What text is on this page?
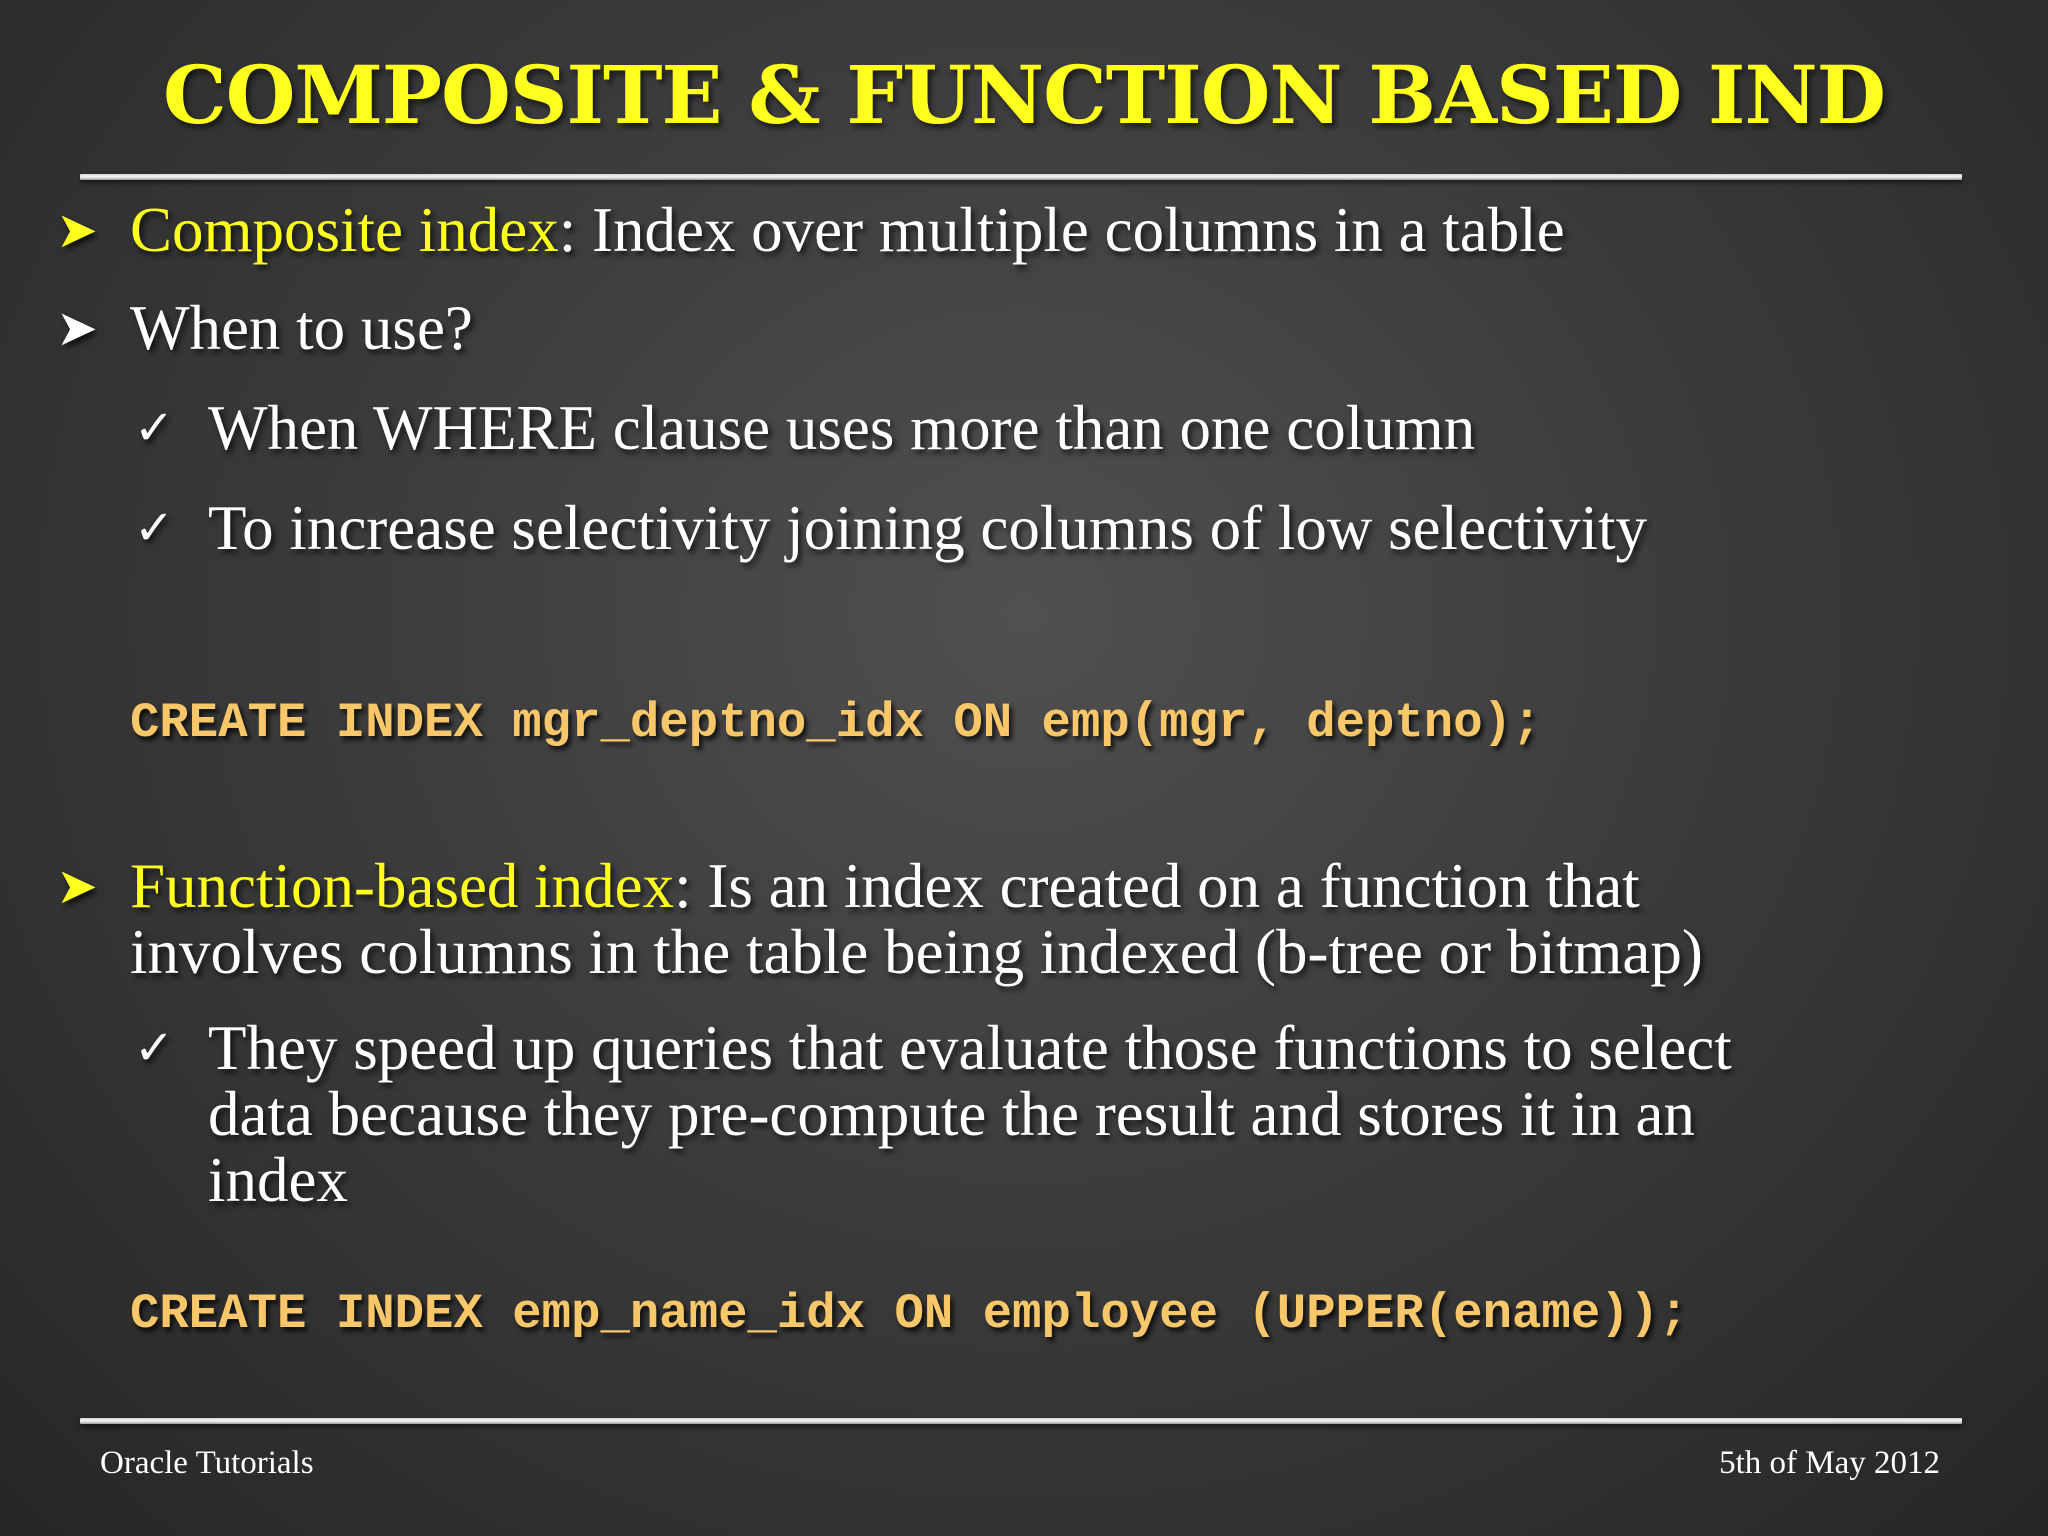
COMPOSITE & FUNCTION BASED IND
➤ Composite index: Index over multiple columns in a table
➤ When to use?
✓ When WHERE clause uses more than one column
✓ To increase selectivity joining columns of low selectivity
CREATE INDEX mgr_deptno_idx ON emp(mgr, deptno);
➤ Function-based index: Is an index created on a function that
involves columns in the table being indexed (b-tree or bitmap)
✓ They speed up queries that evaluate those functions to select
data because they pre-compute the result and stores it in an
index
CREATE INDEX emp_name_idx ON employee (UPPER(ename));
Oracle Tutorials	5th of May 2012
